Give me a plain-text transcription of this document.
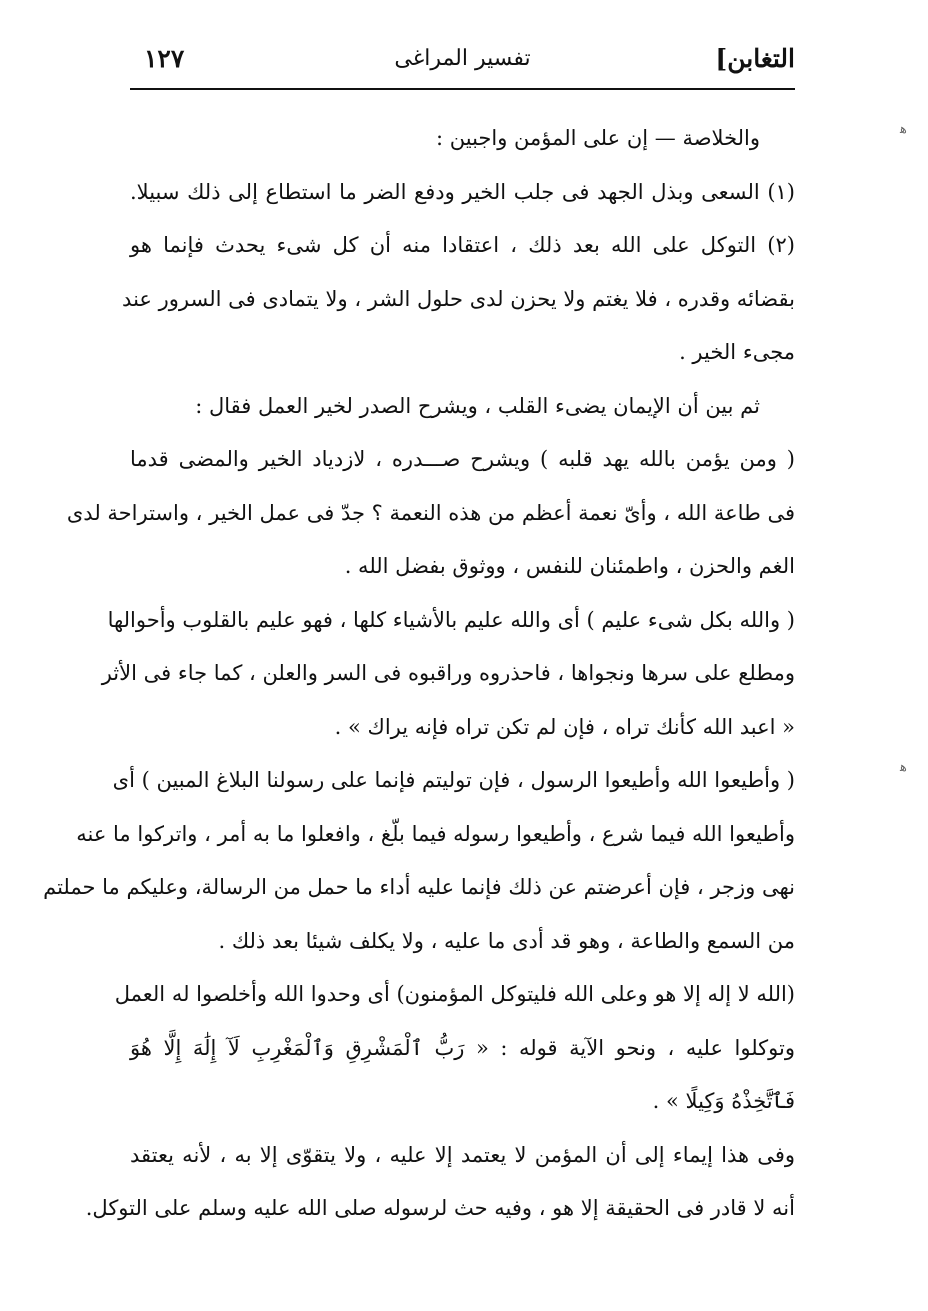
التغابن]
تفسير المراغى
١٢٧
والخلاصة — إن على المؤمن واجبين :
(١) السعى وبذل الجهد فى جلب الخير ودفع الضر ما استطاع إلى ذلك سبيلا.
(٢) التوكل على الله بعد ذلك ، اعتقادا منه أن كل شىء يحدث فإنما هو
بقضائه وقدره ، فلا يغتم ولا يحزن لدى حلول الشر ، ولا يتمادى فى السرور عند
مجىء الخير .
ثم بين أن الإيمان يضىء القلب ، ويشرح الصدر لخير العمل فقال :
( ومن يؤمن بالله يهد قلبه ) ويشرح صـــدره ، لازدياد الخير والمضى قدما
فى طاعة الله ، وأىّ نعمة أعظم من هذه النعمة ؟ جدّ فى عمل الخير ، واستراحة لدى
الغم والحزن ، واطمئنان للنفس ، ووثوق بفضل الله .
( والله بكل شىء عليم ) أى والله عليم بالأشياء كلها ، فهو عليم بالقلوب وأحوالها
ومطلع على سرها ونجواها ، فاحذروه وراقبوه فى السر والعلن ، كما جاء فى الأثر
« اعبد الله كأنك تراه ، فإن لم تكن تراه فإنه يراك » .
( وأطيعوا الله وأطيعوا الرسول ، فإن توليتم فإنما على رسولنا البلاغ المبين ) أى
وأطيعوا الله فيما شرع ، وأطيعوا رسوله فيما بلّغ ، وافعلوا ما به أمر ، واتركوا ما عنه
نهى وزجر ، فإن أعرضتم عن ذلك فإنما عليه أداء ما حمل من الرسالة، وعليكم ما حملتم
من السمع والطاعة ، وهو قد أدى ما عليه ، ولا يكلف شيئا بعد ذلك .
(الله لا إله إلا هو وعلى الله فليتوكل المؤمنون) أى وحدوا الله وأخلصوا له العمل
وتوكلوا عليه ، ونحو الآية قوله : « رَبُّ ٱلْمَشْرِقِ وَٱلْمَغْرِبِ لَآ إِلَٰهَ إِلَّا هُوَ
فَٱتَّخِذْهُ وَكِيلًا » .
وفى هذا إيماء إلى أن المؤمن لا يعتمد إلا عليه ، ولا يتقوّى إلا به ، لأنه يعتقد
أنه لا قادر فى الحقيقة إلا هو ، وفيه حث لرسوله صلى الله عليه وسلم على التوكل.
ﻫ
ﻫ
